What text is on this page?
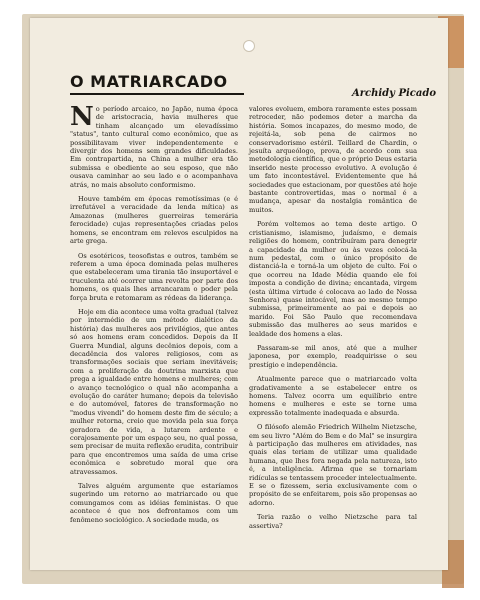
O MATRIARCADO
Archidy Picado

No período arcaico, no Japão, numa época de aristocracia, havia mulheres que tinham alcançado um elevadíssimo "status", tanto cultural como econômico, que as possibilitavam viver independentemente e divergir dos homens sem grandes dificuldades. Em contrapartida, na China a mulher era tão submissa e obediente ao seu esposo, que não ousava caminhar ao seu lado e o acompanhava atrás, no mais absoluto conformismo.

Houve também em épocas remotíssimas (e é irrefutável a veracidade da lenda mítica) as Amazonas (mulheres guerreiras temerária ferocidade) cujas representações criadas pelos homens, se encontram em relevos esculpidos na arte grega.

Os esotéricos, teosofistas e outros, também se referem a uma época dominada pelas mulheres que estabeleceram uma tirania tão insuportável e truculenta até ocorrer uma revolta por parte dos homens, os quais lhes arrancaram o poder pela força bruta e retomaram as rédeas da liderança.

Hoje em dia acontece uma volta gradual (talvez por intermédio de um método dialético da história) das mulheres aos privilégios, que antes só aos homens eram concedidos. Depois da II Guerra Mundial, alguns decênios depois, com a decadência dos valores religiosos, com as transformações sociais que seriam inevitáveis; com a proliferação da doutrina marxista que prega a igualdade entre homens e mulheres; com o avanço tecnológico o qual não acompanha a evolução do caráter humano; depois da televisão e do automóvel, fatores de transformação no "modus vivendi" do homem deste fim de século; a mulher retorna, creio que movida pela sua força geradora de vida, a lutarem ardente e corajosamente por um espaço seu, no qual possa, sem precisar de muita reflexão erudita, contribuir para que encontremos uma saída de uma crise econômica e sobretudo moral que ora atravessamos.

Talves alguém argumente que estaríamos sugerindo um retorno ao matriarcado ou que comungamos com as idéias feministas. O que acontece é que nos defrontamos com um fenômeno sociológico. A sociedade muda, os

valores evoluem, embora raramente estes possam retroceder, não podemos deter a marcha da história. Somos incapazes, do mesmo modo, de rejeitá-la, sob pena de cairmos no conservadorismo estéril. Teillard de Chardin, o jesuíta arqueólogo, prova, de acordo com sua metodologia científica, que o próprio Deus estaria inserido neste processo evolutivo. A evolução é um fato incontestável. Evidentemente que há sociedades que estacionam, por questões até hoje bastante controvertidas, mas o normal é a mudança, apesar da nostalgia romântica de muitos.

Porém voltemos ao tema deste artigo. O cristianismo, islamismo, judaísmo, e demais religiões do homem, contribuíram para denegrir a capacidade da mulher ou às vezes colocá-la num pedestal, com o único propósito de distanciá-la e torná-la um objeto de culto. Foi o que ocorreu na Idade Média quando ele foi imposta a condição de divina; encantada, virgem (esta última virtude é colocava ao lado de Nossa Senhora) quase intocável, mas ao mesmo tempo submissa, primeiramente ao pai e depois ao marido. Foi São Paulo que recomendava submissão das mulheres ao seus maridos e lealdade dos homens a elas.

Passaram-se mil anos, até que a mulher japonesa, por exemplo, readquirisse o seu prestígio e independência.

Atualmente parece que o matriarcado volta gradativamente a se estabelecer entre os homens. Talvez ocorra um equilíbrio entre homens e mulheres e este se torne uma expressão totalmente inadequada e absurda.

O filósofo alemão Friedrich Wilhelm Nietzsche, em seu livro "Além do Bem e do Mal" se insurgira à participação das mulheres em atividades, nas quais elas teriam de utilizar uma qualidade humana, que lhes fora negada pela natureza, isto é, a inteligência. Afirma que se tornariam ridículas se tentassem proceder intelectualmente. E se o fizessem, seria exclusivamente com o propósito de se enfeitarem, pois são propensas ao adorno.

Teria razão o velho Nietzsche para tal assertiva?
